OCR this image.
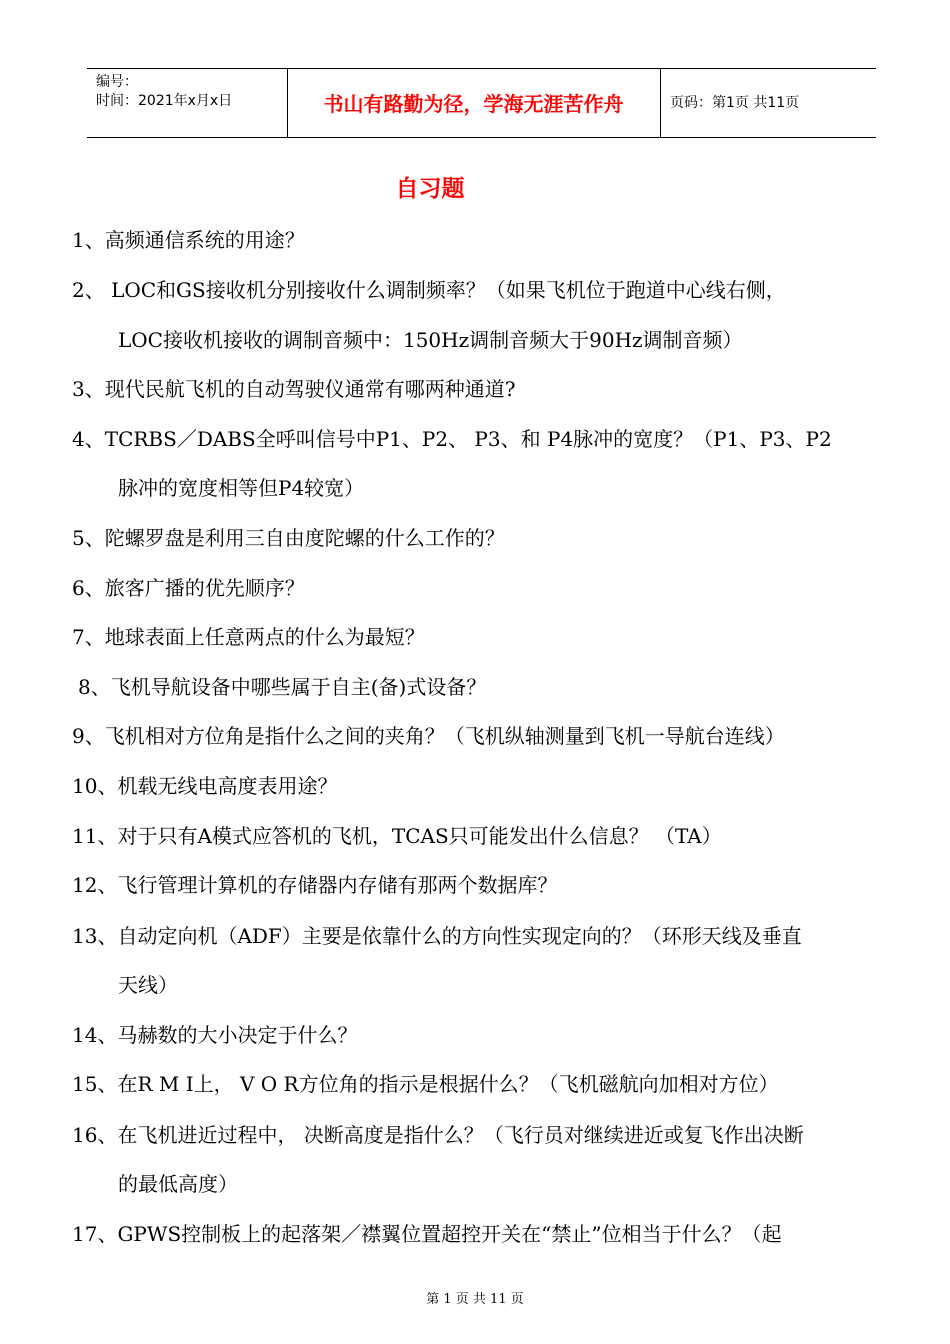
编号：
时间：2021年x月x日	书山有路勤为径，学海无涯苦作舟	页码：第1页 共11页
自习题
1、高频通信系统的用途？
2、 LOC和GS接收机分别接收什么调制频率？（如果飞机位于跑道中心线右侧，
LOC接收机接收的调制音频中：150Hz调制音频大于90Hz调制音频）
3、现代民航飞机的自动驾驶仪通常有哪两种通道?
4、TCRBS／DABS全呼叫信号中P1、P2、 P3、和 P4脉冲的宽度？（P1、P3、P2
脉冲的宽度相等但P4较宽）
5、陀螺罗盘是利用三自由度陀螺的什么工作的？
6、旅客广播的优先顺序？
7、地球表面上任意两点的什么为最短？
8、飞机导航设备中哪些属于自主(备)式设备？
9、飞机相对方位角是指什么之间的夹角？（飞机纵轴测量到飞机一导航台连线）
10、机载无线电高度表用途？
11、对于只有A模式应答机的飞机，TCAS只可能发出什么信息？ （TA）
12、飞行管理计算机的存储器内存储有那两个数据库？
13、自动定向机（ADF）主要是依靠什么的方向性实现定向的？（环形天线及垂直
天线）
14、马赫数的大小决定于什么？
15、在R M I上， V O R方位角的指示是根据什么？（飞机磁航向加相对方位）
16、在飞机进近过程中， 决断高度是指什么？（飞行员对继续进近或复飞作出决断
的最低高度）
17、GPWS控制板上的起落架／襟翼位置超控开关在“禁止”位相当于什么？（起
第 1 页 共 11 页
